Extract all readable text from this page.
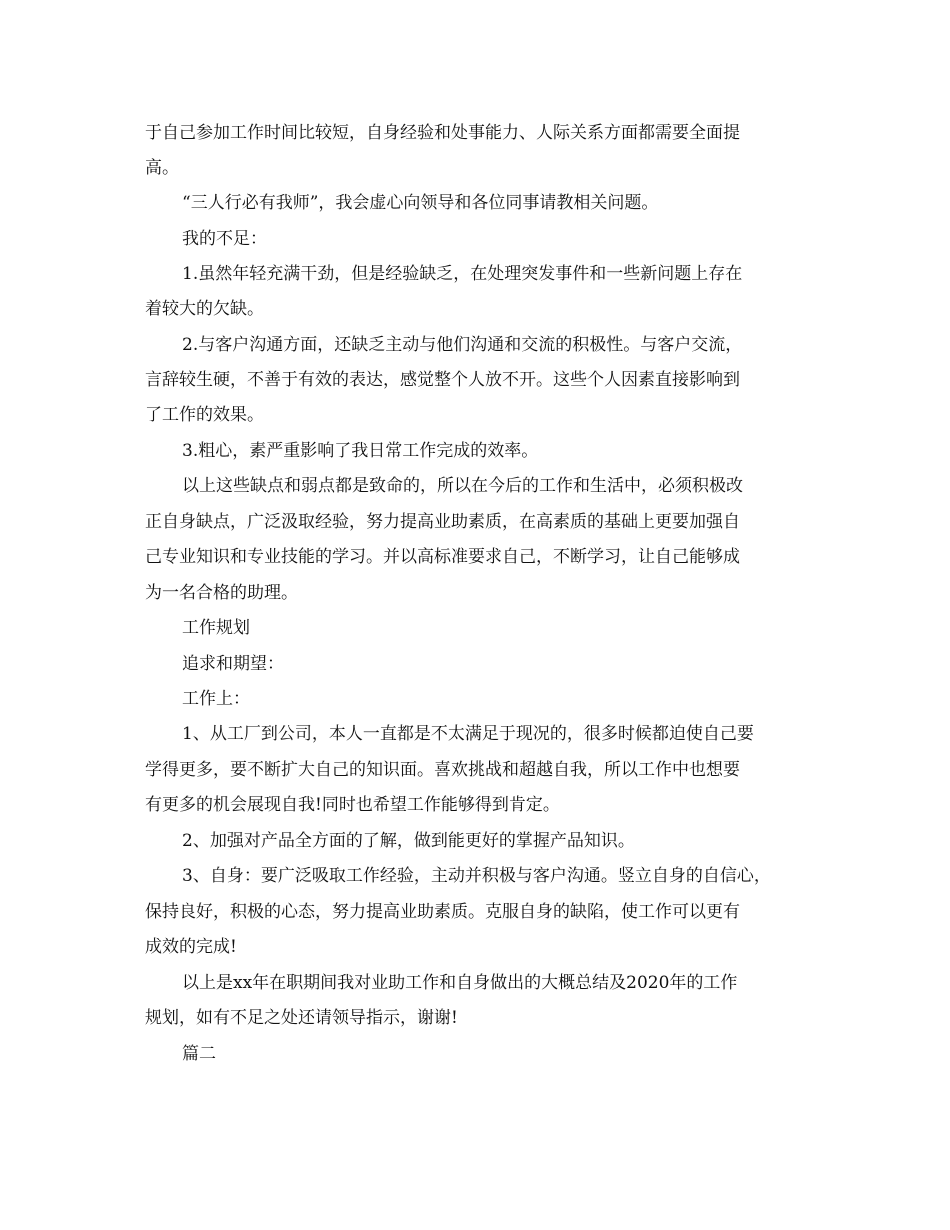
于自己参加工作时间比较短，自身经验和处事能力、人际关系方面都需要全面提
高。
“三人行必有我师”，我会虚心向领导和各位同事请教相关问题。
我的不足：
1.虽然年轻充满干劲，但是经验缺乏，在处理突发事件和一些新问题上存在
着较大的欠缺。
2.与客户沟通方面，还缺乏主动与他们沟通和交流的积极性。与客户交流，
言辞较生硬，不善于有效的表达，感觉整个人放不开。这些个人因素直接影响到
了工作的效果。
3.粗心，素严重影响了我日常工作完成的效率。
以上这些缺点和弱点都是致命的，所以在今后的工作和生活中，必须积极改
正自身缺点，广泛汲取经验，努力提高业助素质，在高素质的基础上更要加强自
己专业知识和专业技能的学习。并以高标准要求自己，不断学习，让自己能够成
为一名合格的助理。
工作规划
追求和期望：
工作上：
1、从工厂到公司，本人一直都是不太满足于现况的，很多时候都迫使自己要
学得更多，要不断扩大自己的知识面。喜欢挑战和超越自我，所以工作中也想要
有更多的机会展现自我!同时也希望工作能够得到肯定。
2、加强对产品全方面的了解，做到能更好的掌握产品知识。
3、自身：要广泛吸取工作经验，主动并积极与客户沟通。竖立自身的自信心，
保持良好，积极的心态，努力提高业助素质。克服自身的缺陷，使工作可以更有
成效的完成!
以上是xx年在职期间我对业助工作和自身做出的大概总结及2020年的工作
规划，如有不足之处还请领导指示，谢谢!
篇二
